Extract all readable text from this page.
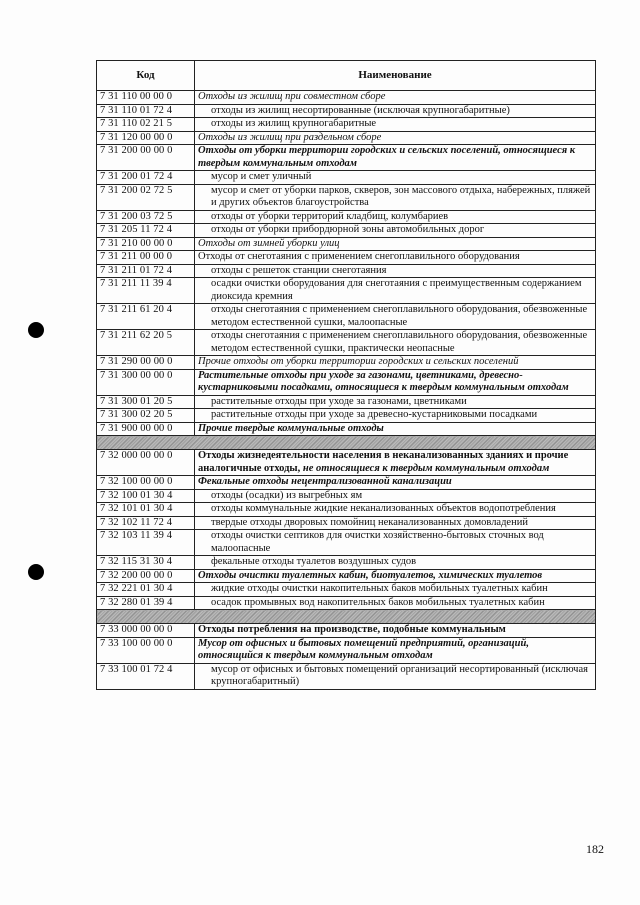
Код	Наименование
7 31 110 00 00 0	Отходы из жилищ при совместном сборе
7 31 110 01 72 4	отходы из жилищ несортированные (исключая крупногабаритные)
7 31 110 02 21 5	отходы из жилищ крупногабаритные
7 31 120 00 00 0	Отходы из жилищ при раздельном сборе
7 31 200 00 00 0	Отходы от уборки территории городских и сельских поселений, относящиеся к твердым коммунальным отходам
7 31 200 01 72 4	мусор и смет уличный
7 31 200 02 72 5	мусор и смет от уборки парков, скверов, зон массового отдыха, набережных, пляжей и других объектов благоустройства
7 31 200 03 72 5	отходы от уборки территорий кладбищ, колумбариев
7 31 205 11 72 4	отходы от уборки прибордюрной зоны автомобильных дорог
7 31 210 00 00 0	Отходы от зимней уборки улиц
7 31 211 00 00 0	Отходы от снеготаяния с применением снегоплавильного оборудования
7 31 211 01 72 4	отходы с решеток станции снеготаяния
7 31 211 11 39 4	осадки очистки оборудования для снеготаяния с преимущественным содержанием диоксида кремния
7 31 211 61 20 4	отходы снеготаяния с применением снегоплавильного оборудования, обезвоженные методом естественной сушки, малоопасные
7 31 211 62 20 5	отходы снеготаяния с применением снегоплавильного оборудования, обезвоженные методом естественной сушки, практически неопасные
7 31 290 00 00 0	Прочие отходы от уборки территории городских и сельских поселений
7 31 300 00 00 0	Растительные отходы при уходе за газонами, цветниками, древесно-кустарниковыми посадками, относящиеся к твердым коммунальным отходам
7 31 300 01 20 5	растительные отходы при уходе за газонами, цветниками
7 31 300 02 20 5	растительные отходы при уходе за древесно-кустарниковыми посадками
7 31 900 00 00 0	Прочие твердые коммунальные отходы

7 32 000 00 00 0	Отходы жизнедеятельности населения в неканализованных зданиях и прочие аналогичные отходы, не относящиеся к твердым коммунальным отходам
7 32 100 00 00 0	Фекальные отходы нецентрализованной канализации
7 32 100 01 30 4	отходы (осадки) из выгребных ям
7 32 101 01 30 4	отходы коммунальные жидкие неканализованных объектов водопотребления
7 32 102 11 72 4	твердые отходы дворовых помойниц неканализованных домовладений
7 32 103 11 39 4	отходы очистки септиков для очистки хозяйственно-бытовых сточных вод малоопасные
7 32 115 31 30 4	фекальные отходы туалетов воздушных судов
7 32 200 00 00 0	Отходы очистки туалетных кабин, биотуалетов, химических туалетов
7 32 221 01 30 4	жидкие отходы очистки накопительных баков мобильных туалетных кабин
7 32 280 01 39 4	осадок промывных вод накопительных баков мобильных туалетных кабин

7 33 000 00 00 0	Отходы потребления на производстве, подобные коммунальным
7 33 100 00 00 0	Мусор от офисных и бытовых помещений предприятий, организаций, относящийся к твердым коммунальным отходам
7 33 100 01 72 4	мусор от офисных и бытовых помещений организаций несортированный (исключая крупногабаритный)
182
